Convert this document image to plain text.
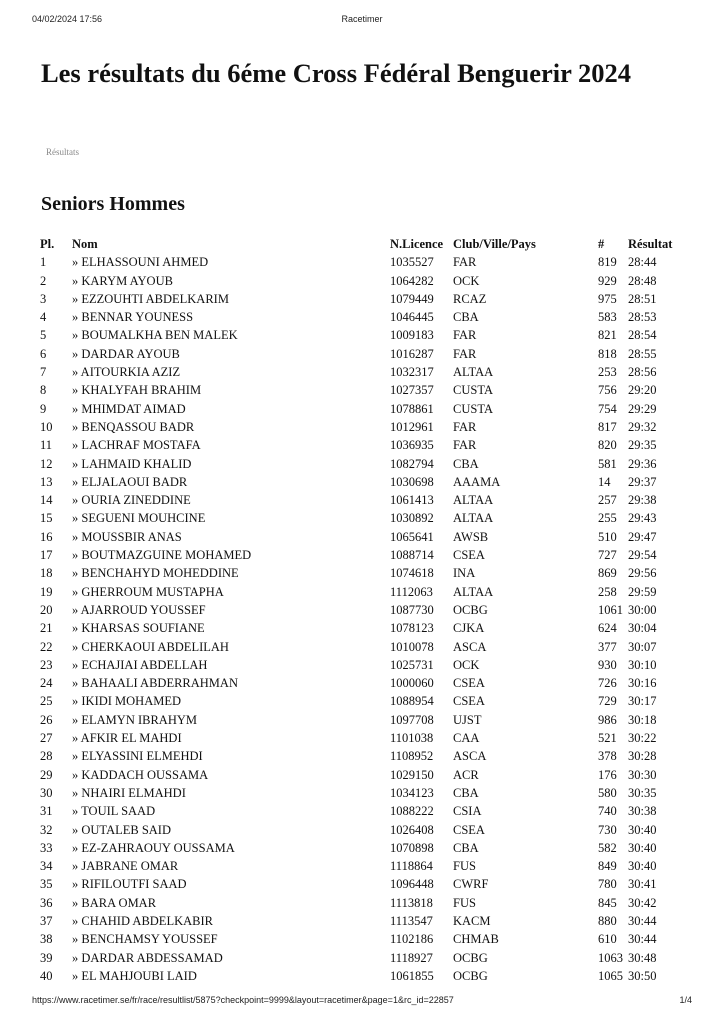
04/02/2024 17:56	Racetimer
Les résultats du 6éme Cross Fédéral Benguerir 2024
Résultats
Seniors Hommes
Pl.	Nom	N.Licence	Club/Ville/Pays	#	Résultat
1	» ELHASSOUNI AHMED	1035527	FAR	819	28:44
2	» KARYM AYOUB	1064282	OCK	929	28:48
3	» EZZOUHTI ABDELKARIM	1079449	RCAZ	975	28:51
4	» BENNAR YOUNESS	1046445	CBA	583	28:53
5	» BOUMALKHA BEN MALEK	1009183	FAR	821	28:54
6	» DARDAR AYOUB	1016287	FAR	818	28:55
7	» AITOURKIA AZIZ	1032317	ALTAA	253	28:56
8	» KHALYFAH BRAHIM	1027357	CUSTA	756	29:20
9	» MHIMDAT AIMAD	1078861	CUSTA	754	29:29
10	» BENQASSOU BADR	1012961	FAR	817	29:32
11	» LACHRAF MOSTAFA	1036935	FAR	820	29:35
12	» LAHMAID KHALID	1082794	CBA	581	29:36
13	» ELJALAOUI BADR	1030698	AAAMA	14	29:37
14	» OURIA ZINEDDINE	1061413	ALTAA	257	29:38
15	» SEGUENI MOUHCINE	1030892	ALTAA	255	29:43
16	» MOUSSBIR ANAS	1065641	AWSB	510	29:47
17	» BOUTMAZGUINE MOHAMED	1088714	CSEA	727	29:54
18	» BENCHAHYD MOHEDDINE	1074618	INA	869	29:56
19	» GHERROUM MUSTAPHA	1112063	ALTAA	258	29:59
20	» AJARROUD YOUSSEF	1087730	OCBG	1061	30:00
21	» KHARSAS SOUFIANE	1078123	CJKA	624	30:04
22	» CHERKAOUI ABDELILAH	1010078	ASCA	377	30:07
23	» ECHAJIAI ABDELLAH	1025731	OCK	930	30:10
24	» BAHAALI ABDERRAHMAN	1000060	CSEA	726	30:16
25	» IKIDI MOHAMED	1088954	CSEA	729	30:17
26	» ELAMYN IBRAHYM	1097708	UJST	986	30:18
27	» AFKIR EL MAHDI	1101038	CAA	521	30:22
28	» ELYASSINI ELMEHDI	1108952	ASCA	378	30:28
29	» KADDACH OUSSAMA	1029150	ACR	176	30:30
30	» NHAIRI ELMAHDI	1034123	CBA	580	30:35
31	» TOUIL SAAD	1088222	CSIA	740	30:38
32	» OUTALEB SAID	1026408	CSEA	730	30:40
33	» EZ-ZAHRAOUY OUSSAMA	1070898	CBA	582	30:40
34	» JABRANE OMAR	1118864	FUS	849	30:40
35	» RIFILOUTFI SAAD	1096448	CWRF	780	30:41
36	» BARA OMAR	1113818	FUS	845	30:42
37	» CHAHID ABDELKABIR	1113547	KACM	880	30:44
38	» BENCHAMSY YOUSSEF	1102186	CHMAB	610	30:44
39	» DARDAR ABDESSAMAD	1118927	OCBG	1063	30:48
40	» EL MAHJOUBI LAID	1061855	OCBG	1065	30:50
https://www.racetimer.se/fr/race/resultlist/5875?checkpoint=9999&layout=racetimer&page=1&rc_id=22857	1/4
